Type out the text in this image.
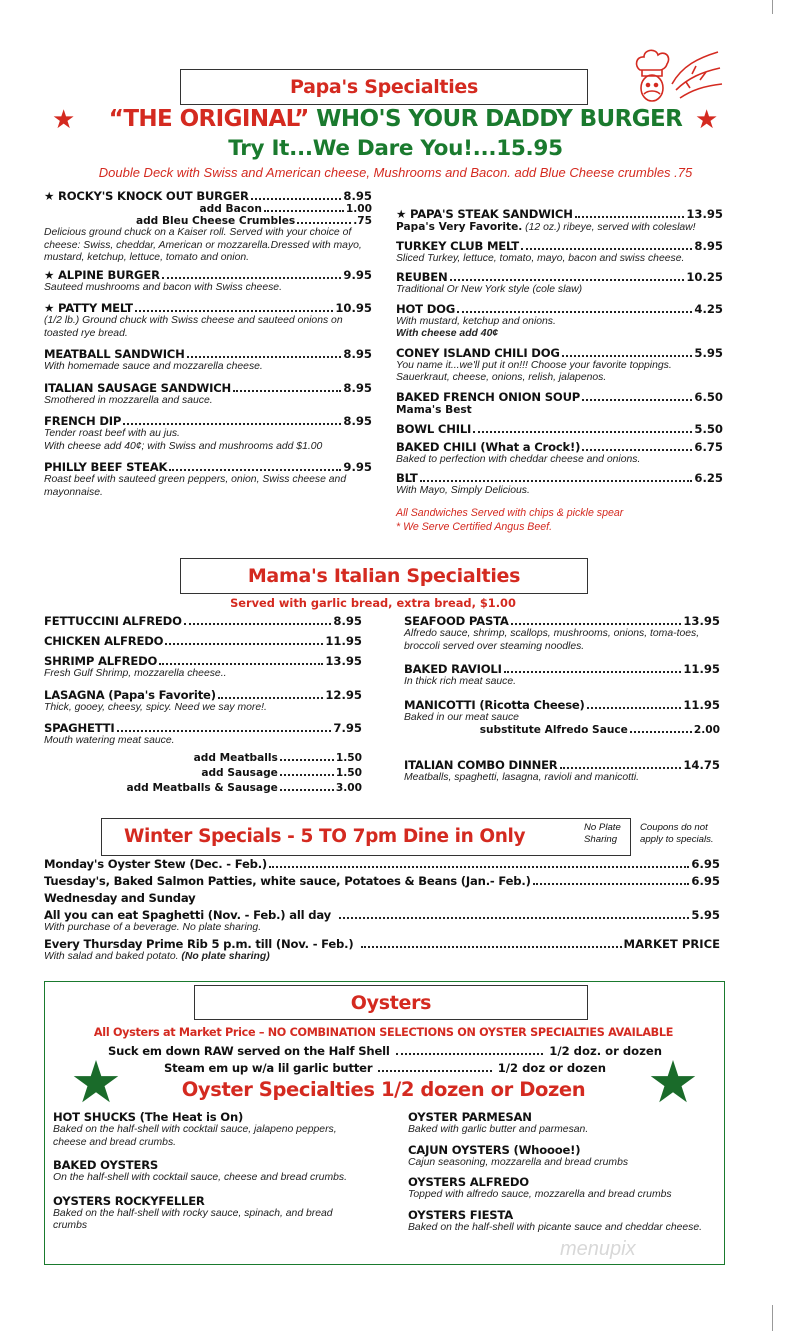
Papa's Specialties
★	★
“THE ORIGINAL” WHO'S YOUR DADDY BURGER
Try It...We Dare You!...15.95
Double Deck with Swiss and American cheese, Mushrooms and Bacon. add Blue Cheese crumbles .75
★ ROCKY'S KNOCK OUT BURGER	8.95
add Bacon	1.00
add Bleu Cheese Crumbles	.75
Delicious ground chuck on a Kaiser roll. Served with your choice of cheese: Swiss, cheddar, American or mozzarella.Dressed with mayo, mustard, ketchup, lettuce, tomato and onion.
★ ALPINE BURGER	9.95
Sauteed mushrooms and bacon with Swiss cheese.
★ PATTY MELT	10.95
(1/2 lb.) Ground chuck with Swiss cheese and sauteed onions on toasted rye bread.
MEATBALL SANDWICH	8.95
With homemade sauce and mozzarella cheese.
ITALIAN SAUSAGE SANDWICH	8.95
Smothered in mozzarella and sauce.
FRENCH DIP	8.95
Tender roast beef with au jus.
With cheese add 40¢; with Swiss and mushrooms add $1.00
PHILLY BEEF STEAK	9.95
Roast beef with sauteed green peppers, onion, Swiss cheese and mayonnaise.
★ PAPA'S STEAK SANDWICH	13.95
Papa's Very Favorite. (12 oz.) ribeye, served with coleslaw!
TURKEY CLUB MELT	8.95
Sliced Turkey, lettuce, tomato, mayo, bacon and swiss cheese.
REUBEN	10.25
Traditional Or New York style (cole slaw)
HOT DOG	4.25
With mustard, ketchup and onions.
With cheese add 40¢
CONEY ISLAND CHILI DOG	5.95
You name it...we'll put it on!!! Choose your favorite toppings. Sauerkraut, cheese, onions, relish, jalapenos.
BAKED FRENCH ONION SOUP	6.50
Mama's Best
BOWL CHILI	5.50
BAKED CHILI (What a Crock!)	6.75
Baked to perfection with cheddar cheese and onions.
BLT	6.25
With Mayo, Simply Delicious.
All Sandwiches Served with chips & pickle spear
* We Serve Certified Angus Beef.
Mama's Italian Specialties
Served with garlic bread, extra bread, $1.00
FETTUCCINI ALFREDO	8.95
CHICKEN ALFREDO	11.95
SHRIMP ALFREDO	13.95
Fresh Gulf Shrimp, mozzarella cheese..
LASAGNA (Papa's Favorite)	12.95
Thick, gooey, cheesy, spicy. Need we say more!.
SPAGHETTI	7.95
Mouth watering meat sauce.
add Meatballs	1.50
add Sausage	1.50
add Meatballs & Sausage	3.00
SEAFOOD PASTA	13.95
Alfredo sauce, shrimp, scallops, mushrooms, onions, toma-toes, broccoli served over steaming noodles.
BAKED RAVIOLI	11.95
In thick rich meat sauce.
MANICOTTI (Ricotta Cheese)	11.95
Baked in our meat sauce
substitute Alfredo Sauce	2.00
ITALIAN COMBO DINNER	14.75
Meatballs, spaghetti, lasagna, ravioli and manicotti.
Winter Specials - 5 TO 7pm Dine in Only	No Plate
Sharing
Coupons do not
apply to specials.
Monday's Oyster Stew (Dec. - Feb.)	6.95
Tuesday's, Baked Salmon Patties, white sauce, Potatoes & Beans (Jan.- Feb.)	6.95
Wednesday and Sunday
All you can eat Spaghetti (Nov. - Feb.) all day	5.95
With purchase of a beverage. No plate sharing.
Every Thursday Prime Rib 5 p.m. till (Nov. - Feb.)	MARKET PRICE
With salad and baked potato. (No plate sharing)
Oysters
All Oysters at Market Price – NO COMBINATION SELECTIONS ON OYSTER SPECIALTIES AVAILABLE
Suck em down RAW served on the Half Shell	1/2 doz. or dozen
Steam em up w/a lil garlic butter	1/2 doz or dozen
★	★
Oyster Specialties 1/2 dozen or Dozen
HOT SHUCKS (The Heat is On)
Baked on the half-shell with cocktail sauce, jalapeno peppers, cheese and bread crumbs.
BAKED OYSTERS
On the half-shell with cocktail sauce, cheese and bread crumbs.
OYSTERS ROCKYFELLER
Baked on the half-shell with rocky sauce, spinach, and bread crumbs
OYSTER PARMESAN
Baked with garlic butter and parmesan.
CAJUN OYSTERS (Whoooe!)
Cajun seasoning, mozzarella and bread crumbs
OYSTERS ALFREDO
Topped with alfredo sauce, mozzarella and bread crumbs
OYSTERS FIESTA
Baked on the half-shell with picante sauce and cheddar cheese.
menupix
